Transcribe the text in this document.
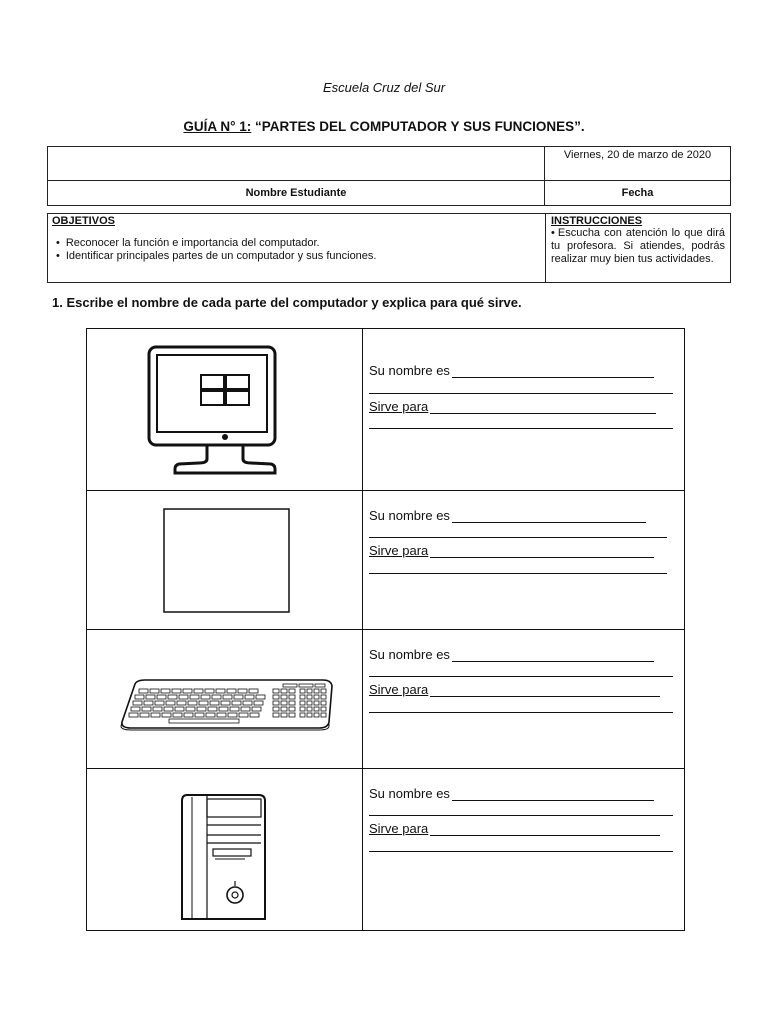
Escuela Cruz del Sur
GUÍA N° 1: “PARTES DEL COMPUTADOR Y SUS FUNCIONES”.
	Viernes, 20 de marzo de 2020
Nombre Estudiante	Fecha
OBJETIVOS
• Reconocer la función e importancia del computador.
• Identificar principales partes de un computador y sus funciones.
INSTRUCCIONES
• Escucha con atención lo que dirá tu profesora. Si atiendes, podrás realizar muy bien tus actividades.
1. Escribe el nombre de cada parte del computador y explica para qué sirve.
Su nombre es
Sirve para
Su nombre es
Sirve para
Su nombre es
Sirve para
Su nombre es
Sirve para
